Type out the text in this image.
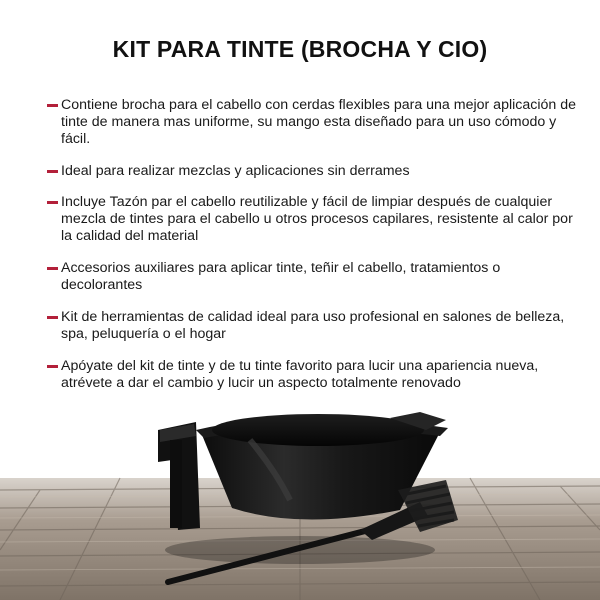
KIT PARA TINTE (BROCHA Y CIO)
Contiene brocha para el cabello con cerdas flexibles para una mejor aplicación de tinte de manera mas uniforme, su mango esta diseñado para un uso cómodo y fácil.
Ideal para realizar mezclas y aplicaciones sin derrames
Incluye Tazón par el cabello reutilizable y fácil de limpiar después de cualquier mezcla de tintes para el cabello u otros procesos capilares, resistente al calor por la calidad del material
Accesorios auxiliares para aplicar tinte, teñir el cabello, tratamientos o decolorantes
Kit de herramientas de calidad ideal para uso profesional en salones de belleza, spa, peluquería o el hogar
Apóyate del kit de tinte y de tu tinte favorito para lucir una apariencia nueva, atrévete a dar el cambio y lucir un aspecto totalmente renovado
